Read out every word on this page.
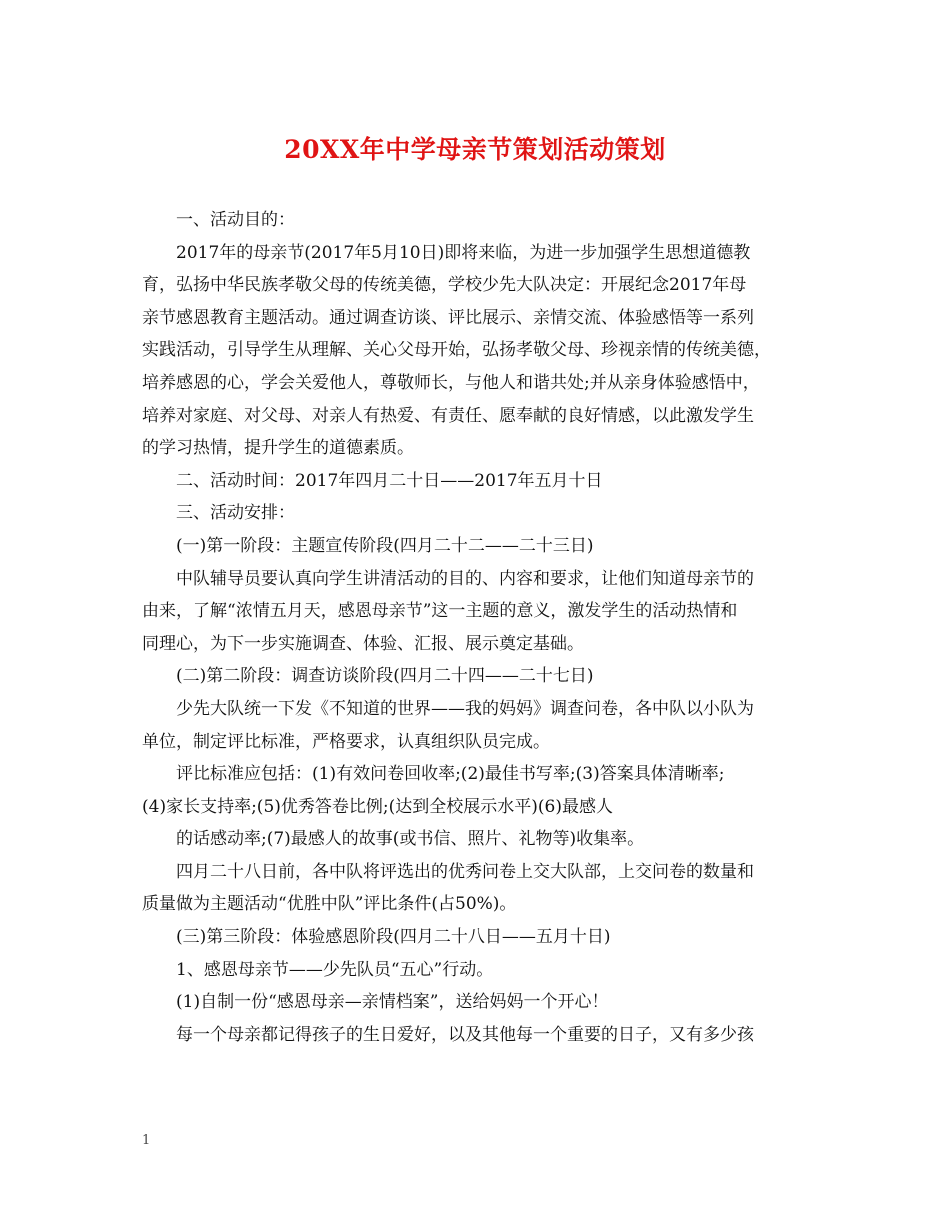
20XX年中学母亲节策划活动策划

一、活动目的：

2017年的母亲节(2017年5月10日)即将来临，为进一步加强学生思想道德教

育，弘扬中华民族孝敬父母的传统美德，学校少先大队决定：开展纪念2017年母

亲节感恩教育主题活动。通过调查访谈、评比展示、亲情交流、体验感悟等一系列

实践活动，引导学生从理解、关心父母开始，弘扬孝敬父母、珍视亲情的传统美德，

培养感恩的心，学会关爱他人，尊敬师长，与他人和谐共处;并从亲身体验感悟中，

培养对家庭、对父母、对亲人有热爱、有责任、愿奉献的良好情感，以此激发学生

的学习热情，提升学生的道德素质。

二、活动时间：2017年四月二十日——2017年五月十日

三、活动安排：

(一)第一阶段：主题宣传阶段(四月二十二——二十三日)

中队辅导员要认真向学生讲清活动的目的、内容和要求，让他们知道母亲节的

由来，了解“浓情五月天，感恩母亲节”这一主题的意义，激发学生的活动热情和

同理心，为下一步实施调查、体验、汇报、展示奠定基础。

(二)第二阶段：调查访谈阶段(四月二十四——二十七日)

少先大队统一下发《不知道的世界——我的妈妈》调查问卷，各中队以小队为

单位，制定评比标准，严格要求，认真组织队员完成。

评比标准应包括：(1)有效问卷回收率;(2)最佳书写率;(3)答案具体清晰率;

(4)家长支持率;(5)优秀答卷比例;(达到全校展示水平)(6)最感人

的话感动率;(7)最感人的故事(或书信、照片、礼物等)收集率。

四月二十八日前，各中队将评选出的优秀问卷上交大队部，上交问卷的数量和

质量做为主题活动“优胜中队”评比条件(占50%)。

(三)第三阶段：体验感恩阶段(四月二十八日——五月十日)

1、感恩母亲节——少先队员“五心”行动。

(1)自制一份“感恩母亲—亲情档案”，送给妈妈一个开心！

每一个母亲都记得孩子的生日爱好，以及其他每一个重要的日子，又有多少孩

1
